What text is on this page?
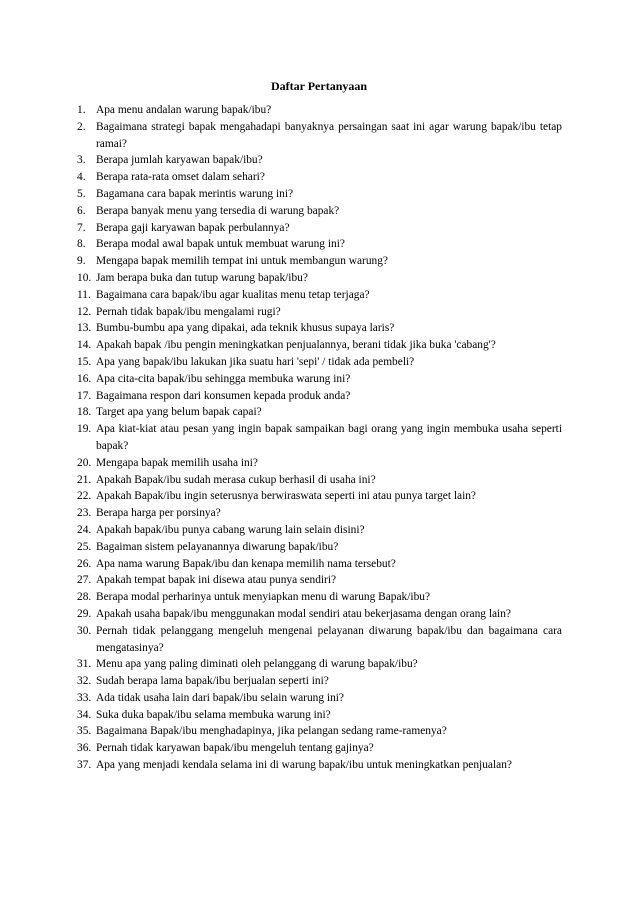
Daftar Pertanyaan
1. Apa menu andalan warung bapak/ibu?
2. Bagaimana strategi bapak mengahadapi banyaknya persaingan saat ini agar warung bapak/ibu tetap ramai?
3. Berapa jumlah karyawan bapak/ibu?
4. Berapa rata-rata omset dalam sehari?
5. Bagamana cara bapak merintis warung ini?
6. Berapa banyak menu yang tersedia di warung bapak?
7. Berapa gaji karyawan bapak perbulannya?
8. Berapa modal awal bapak untuk membuat warung ini?
9. Mengapa bapak memilih tempat ini untuk membangun warung?
10. Jam berapa buka dan tutup warung bapak/ibu?
11. Bagaimana cara bapak/ibu agar kualitas menu tetap terjaga?
12. Pernah tidak bapak/ibu mengalami rugi?
13. Bumbu-bumbu apa yang dipakai, ada teknik khusus supaya laris?
14. Apakah bapak /ibu pengin meningkatkan penjualannya, berani tidak jika buka 'cabang'?
15. Apa yang bapak/ibu lakukan jika suatu hari 'sepi' / tidak ada pembeli?
16. Apa cita-cita bapak/ibu sehingga membuka warung ini?
17. Bagaimana respon dari konsumen kepada produk anda?
18. Target apa yang belum bapak capai?
19. Apa kiat-kiat atau pesan yang ingin bapak sampaikan bagi orang yang ingin membuka usaha seperti bapak?
20. Mengapa bapak memilih usaha ini?
21. Apakah Bapak/ibu sudah merasa cukup berhasil di usaha ini?
22. Apakah Bapak/ibu ingin seterusnya berwiraswata seperti ini atau punya target lain?
23. Berapa harga per porsinya?
24. Apakah bapak/ibu punya cabang warung lain selain disini?
25. Bagaiman sistem pelayanannya diwarung bapak/ibu?
26. Apa nama warung Bapak/ibu dan kenapa memilih nama tersebut?
27. Apakah tempat bapak ini disewa atau punya sendiri?
28. Berapa modal perharinya untuk menyiapkan menu di warung Bapak/ibu?
29. Apakah usaha bapak/ibu menggunakan modal sendiri atau bekerjasama dengan orang lain?
30. Pernah tidak pelanggang mengeluh mengenai pelayanan diwarung bapak/ibu dan bagaimana cara mengatasinya?
31. Menu apa yang paling diminati oleh pelanggang di warung bapak/ibu?
32. Sudah berapa lama bapak/ibu berjualan seperti ini?
33. Ada tidak usaha lain dari bapak/ibu selain warung ini?
34. Suka duka bapak/ibu selama membuka warung ini?
35. Bagaimana Bapak/ibu menghadapinya, jika pelangan sedang rame-ramenya?
36. Pernah tidak karyawan bapak/ibu mengeluh tentang gajinya?
37. Apa yang menjadi kendala selama ini di warung bapak/ibu untuk meningkatkan penjualan?
